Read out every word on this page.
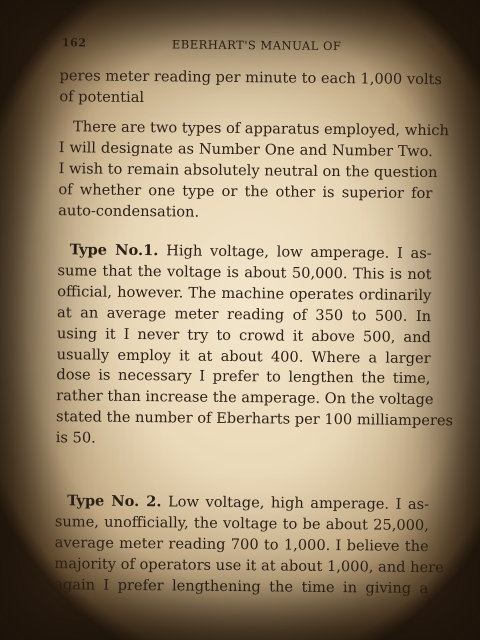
162	EBERHART'S MANUAL OF

peres meter reading per minute to each 1,000 volts
of potential

There are two types of apparatus employed, which
I will designate as Number One and Number Two.
I wish to remain absolutely neutral on the question
of whether one type or the other is superior for
auto-condensation.

Type No.1. High voltage, low amperage. I as-
sume that the voltage is about 50,000. This is not
official, however. The machine operates ordinarily
at an average meter reading of 350 to 500. In
using it I never try to crowd it above 500, and
usually employ it at about 400. Where a larger
dose is necessary I prefer to lengthen the time,
rather than increase the amperage. On the voltage
stated the number of Eberharts per 100 milliamperes
is 50.

Type No. 2. Low voltage, high amperage. I as-
sume, unofficially, the voltage to be about 25,000,
average meter reading 700 to 1,000. I believe the
majority of operators use it at about 1,000, and here
again I prefer lengthening the time in giving a
